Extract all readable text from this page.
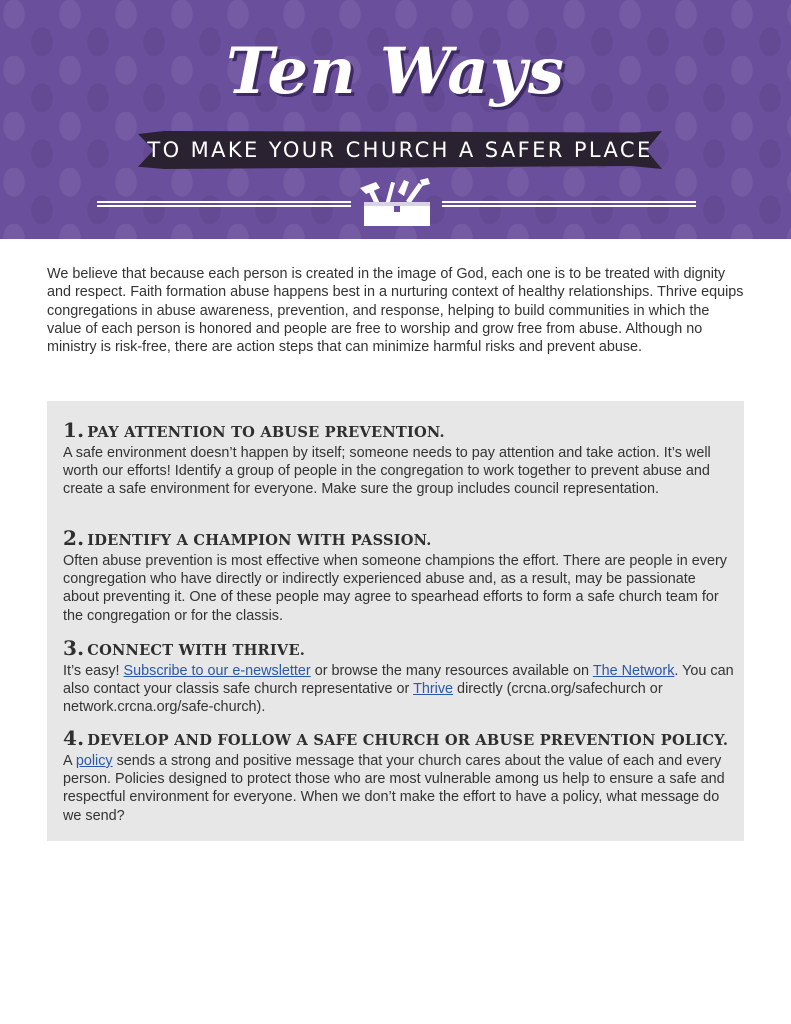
Ten Ways
TO MAKE YOUR CHURCH A SAFER PLACE

We believe that because each person is created in the image of God, each one is to be treated with dignity and respect. Faith formation abuse happens best in a nurturing context of healthy relationships. Thrive equips congregations in abuse awareness, prevention, and response, helping to build communities in which the value of each person is honored and people are free to worship and grow free from abuse. Although no ministry is risk-free, there are action steps that can minimize harmful risks and prevent abuse.

1. PAY ATTENTION TO ABUSE PREVENTION.

A safe environment doesn’t happen by itself; someone needs to pay attention and take action. It’s well worth our efforts! Identify a group of people in the congregation to work together to prevent abuse and create a safe environment for everyone. Make sure the group includes council representation.

2. IDENTIFY A CHAMPION WITH PASSION.

Often abuse prevention is most effective when someone champions the effort. There are people in every congregation who have directly or indirectly experienced abuse and, as a result, may be passionate about preventing it. One of these people may agree to spearhead efforts to form a safe church team for the congregation or for the classis.

3. CONNECT WITH THRIVE.

It’s easy! Subscribe to our e-newsletter or browse the many resources available on The Network. You can also contact your classis safe church representative or Thrive directly (crcna.org/safechurch or network.crcna.org/safe-church).

4. DEVELOP AND FOLLOW A SAFE CHURCH OR ABUSE PREVENTION POLICY.

A policy sends a strong and positive message that your church cares about the value of each and every person. Policies designed to protect those who are most vulnerable among us help to ensure a safe and respectful environment for everyone. When we don’t make the effort to have a policy, what message do we send?
